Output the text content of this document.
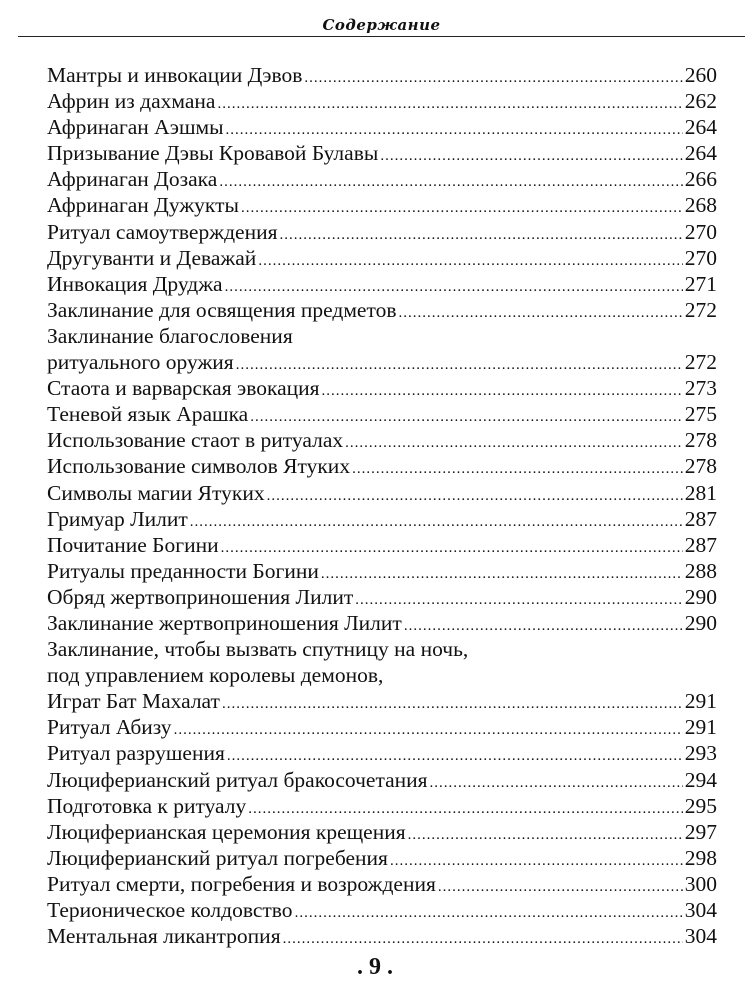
Содержание
Мантры и инвокации Дэвов .....	260
Африн из дахмана .....	262
Афринаган Аэшмы .....	264
Призывание Дэвы Кровавой Булавы .....	264
Афринаган Дозака .....	266
Афринаган Дужукты .....	268
Ритуал самоутверждения .....	270
Другуванти и Деважай .....	270
Инвокация Друджа .....	271
Заклинание для освящения предметов .....	272
Заклинание благословения
ритуального оружия .....	272
Стаота и варварская эвокация .....	273
Теневой язык Арашка .....	275
Использование стаот в ритуалах .....	278
Использование символов Ятуких .....	278
Символы магии Ятуких .....	281
Гримуар Лилит .....	287
Почитание Богини .....	287
Ритуалы преданности Богини .....	288
Обряд жертвоприношения Лилит .....	290
Заклинание жертвоприношения Лилит .....	290
Заклинание, чтобы вызвать спутницу на ночь,
под управлением королевы демонов,
Играт Бат Махалат .....	291
Ритуал Абизу .....	291
Ритуал разрушения .....	293
Люциферианский ритуал бракосочетания .....	294
Подготовка к ритуалу .....	295
Люциферианская церемония крещения .....	297
Люциферианский ритуал погребения .....	298
Ритуал смерти, погребения и возрождения .....	300
Терионическое колдовство .....	304
Ментальная ликантропия .....	304
. 9 .
